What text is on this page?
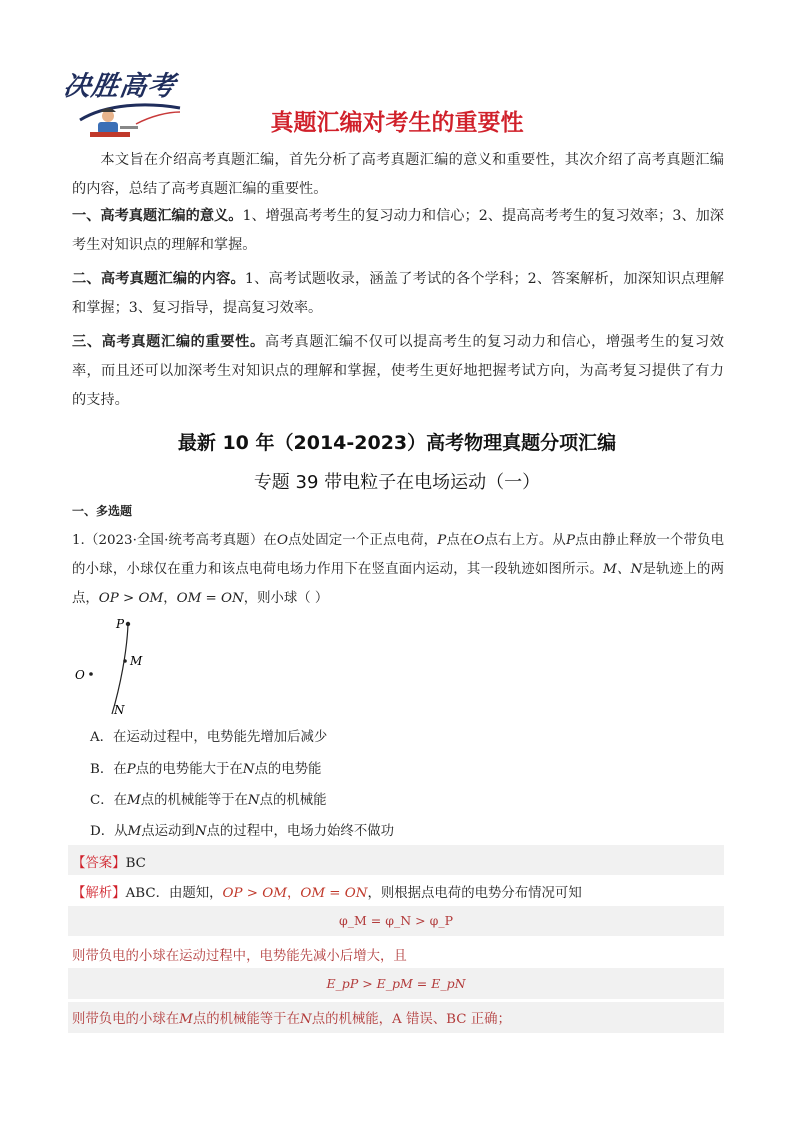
决胜高考
真题汇编对考生的重要性
本文旨在介绍高考真题汇编，首先分析了高考真题汇编的意义和重要性，其次介绍了高考真题汇编的内容，总结了高考真题汇编的重要性。
一、高考真题汇编的意义。1、增强高考考生的复习动力和信心；2、提高高考考生的复习效率；3、加深考生对知识点的理解和掌握。
二、高考真题汇编的内容。1、高考试题收录，涵盖了考试的各个学科；2、答案解析，加深知识点理解和掌握；3、复习指导，提高复习效率。
三、高考真题汇编的重要性。高考真题汇编不仅可以提高考生的复习动力和信心，增强考生的复习效率，而且还可以加深考生对知识点的理解和掌握，使考生更好地把握考试方向，为高考复习提供了有力的支持。
最新 10 年（2014-2023）高考物理真题分项汇编
专题 39 带电粒子在电场运动（一）
一、多选题
1.（2023·全国·统考高考真题）在O点处固定一个正点电荷，P点在O点右上方。从P点由静止释放一个带负电的小球，小球仅在重力和该点电荷电场力作用下在竖直面内运动，其一段轨迹如图所示。M、N是轨迹上的两点，OP > OM，OM = ON，则小球（ ）
P
M
N
O
A．在运动过程中，电势能先增加后减少
B．在P点的电势能大于在N点的电势能
C．在M点的机械能等于在N点的机械能
D．从M点运动到N点的过程中，电场力始终不做功
【答案】BC
【解析】ABC．由题知，OP > OM，OM = ON，则根据点电荷的电势分布情况可知
φ_M = φ_N > φ_P
则带负电的小球在运动过程中，电势能先减小后增大，且
E_pP > E_pM = E_pN
则带负电的小球在M点的机械能等于在N点的机械能，A 错误、BC 正确；
